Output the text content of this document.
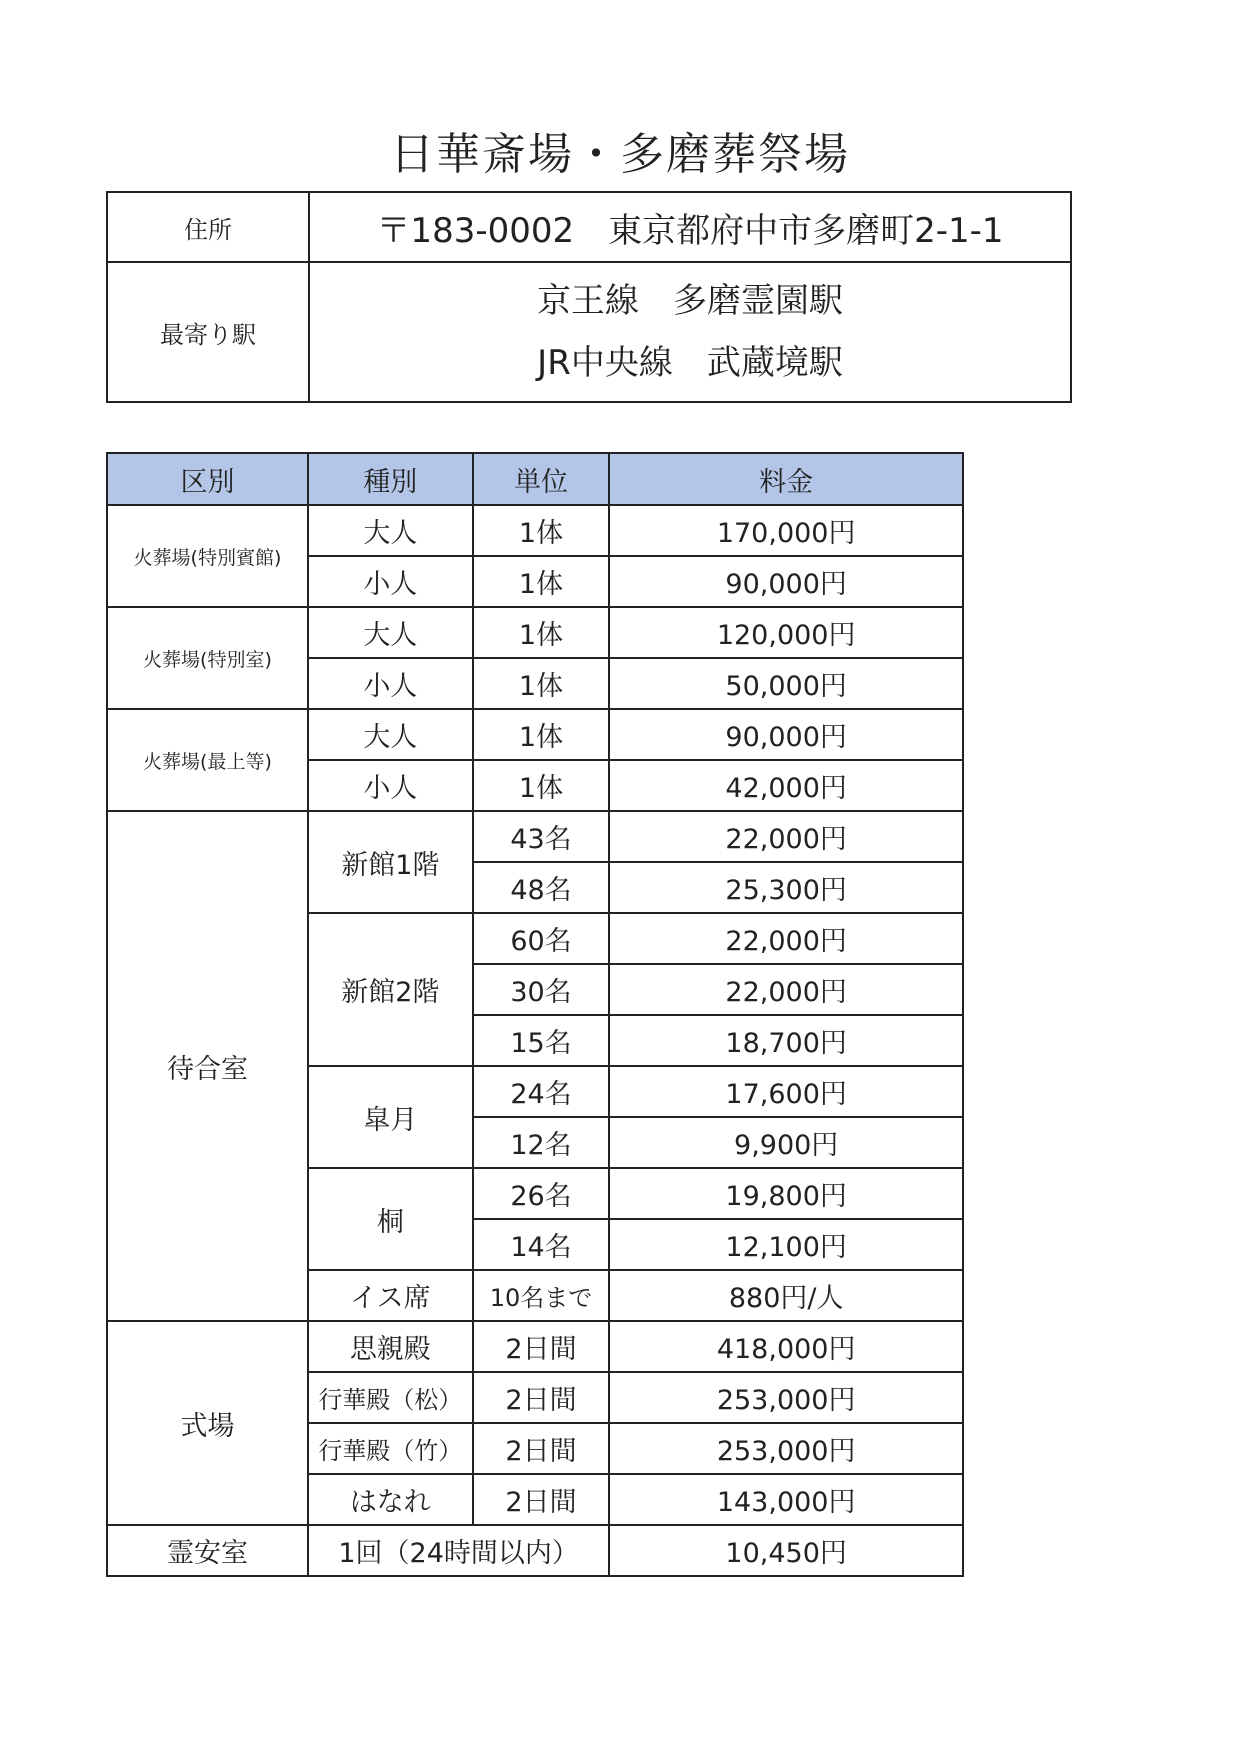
日華斎場・多磨葬祭場
住所	〒183-0002　東京都府中市多磨町2-1-1
最寄り駅	京王線　多磨霊園駅
JR中央線　武蔵境駅
区別	種別	単位	料金
火葬場(特別賓館)	大人	1体	170,000円
	小人	1体	90,000円
火葬場(特別室)	大人	1体	120,000円
	小人	1体	50,000円
火葬場(最上等)	大人	1体	90,000円
	小人	1体	42,000円
待合室	新館1階	43名	22,000円
		48名	25,300円
	新館2階	60名	22,000円
		30名	22,000円
		15名	18,700円
	皐月	24名	17,600円
		12名	9,900円
	桐	26名	19,800円
		14名	12,100円
	イス席	10名まで	880円/人
式場	思親殿	2日間	418,000円
	行華殿（松）	2日間	253,000円
	行華殿（竹）	2日間	253,000円
	はなれ	2日間	143,000円
霊安室	1回（24時間以内）		10,450円
